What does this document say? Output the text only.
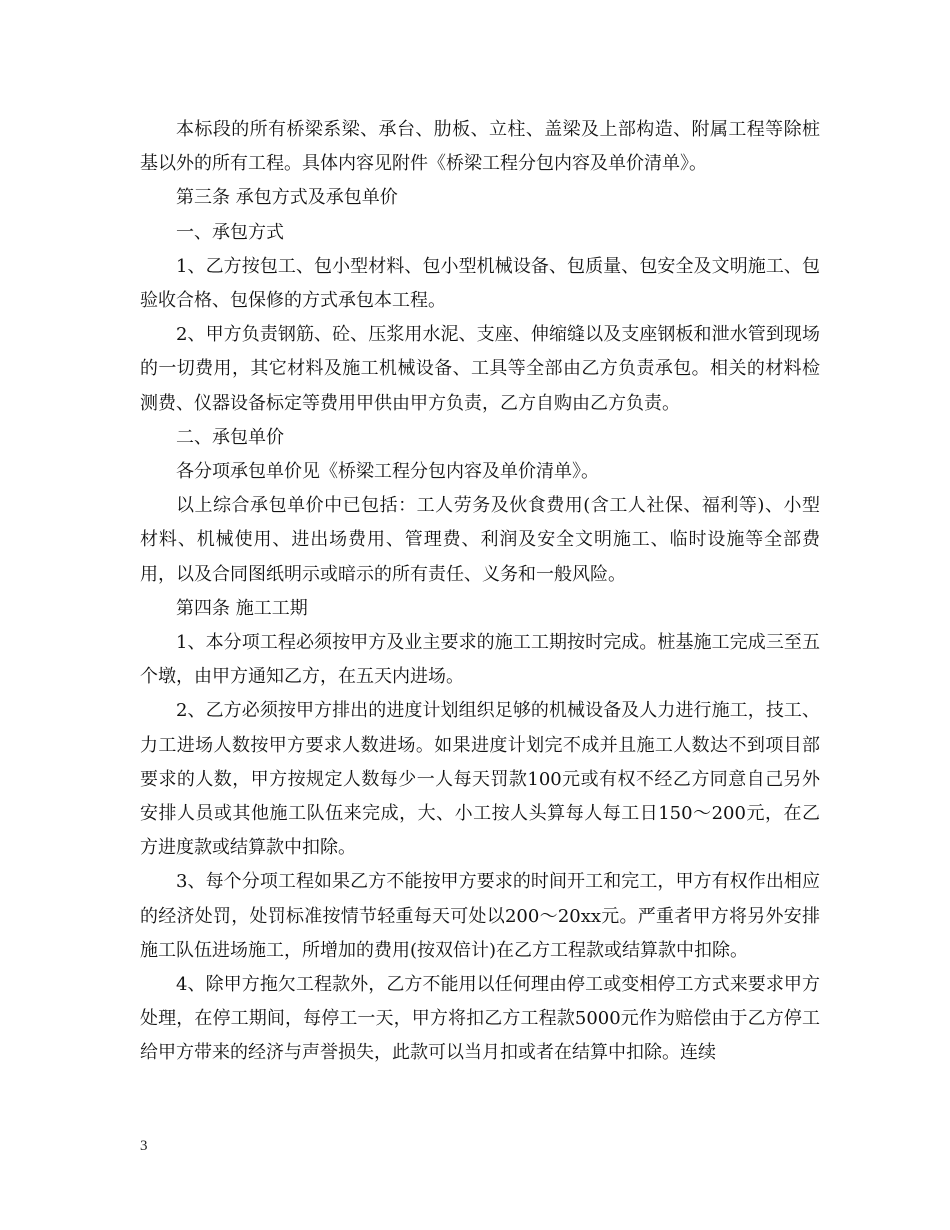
本标段的所有桥梁系梁、承台、肋板、立柱、盖梁及上部构造、附属工程等除桩基以外的所有工程。具体内容见附件《桥梁工程分包内容及单价清单》。

第三条 承包方式及承包单价

一、承包方式

1、乙方按包工、包小型材料、包小型机械设备、包质量、包安全及文明施工、包验收合格、包保修的方式承包本工程。

2、甲方负责钢筋、砼、压浆用水泥、支座、伸缩缝以及支座钢板和泄水管到现场的一切费用，其它材料及施工机械设备、工具等全部由乙方负责承包。相关的材料检测费、仪器设备标定等费用甲供由甲方负责，乙方自购由乙方负责。

二、承包单价

各分项承包单价见《桥梁工程分包内容及单价清单》。

以上综合承包单价中已包括：工人劳务及伙食费用(含工人社保、福利等)、小型材料、机械使用、进出场费用、管理费、利润及安全文明施工、临时设施等全部费用，以及合同图纸明示或暗示的所有责任、义务和一般风险。

第四条 施工工期

1、本分项工程必须按甲方及业主要求的施工工期按时完成。桩基施工完成三至五个墩，由甲方通知乙方，在五天内进场。

2、乙方必须按甲方排出的进度计划组织足够的机械设备及人力进行施工，技工、力工进场人数按甲方要求人数进场。如果进度计划完不成并且施工人数达不到项目部要求的人数，甲方按规定人数每少一人每天罚款100元或有权不经乙方同意自己另外安排人员或其他施工队伍来完成，大、小工按人头算每人每工日150～200元，在乙方进度款或结算款中扣除。

3、每个分项工程如果乙方不能按甲方要求的时间开工和完工，甲方有权作出相应的经济处罚，处罚标准按情节轻重每天可处以200～20xx元。严重者甲方将另外安排施工队伍进场施工，所增加的费用(按双倍计)在乙方工程款或结算款中扣除。

4、除甲方拖欠工程款外，乙方不能用以任何理由停工或变相停工方式来要求甲方处理，在停工期间，每停工一天，甲方将扣乙方工程款5000元作为赔偿由于乙方停工给甲方带来的经济与声誉损失，此款可以当月扣或者在结算中扣除。连续

3
